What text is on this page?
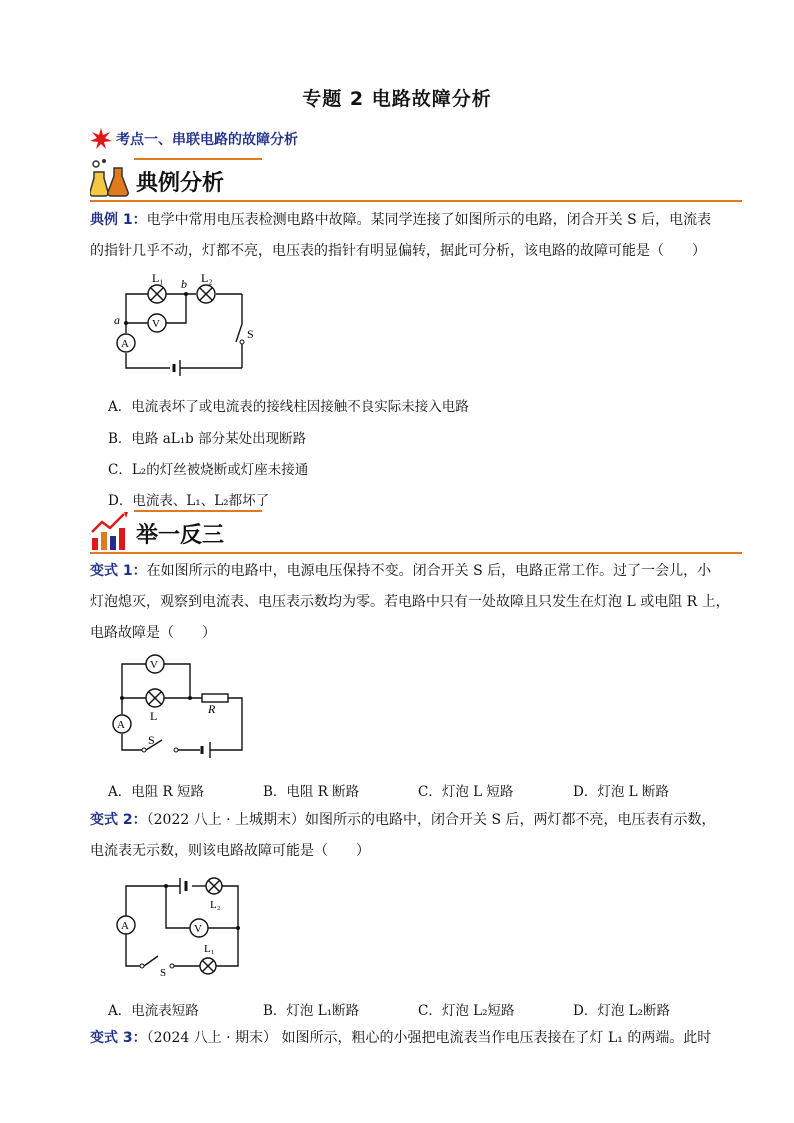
专题 2 电路故障分析
考点一、串联电路的故障分析
典例分析
典例 1：电学中常用电压表检测电路中故障。某同学连接了如图所示的电路，闭合开关 S 后，电流表
的指针几乎不动，灯都不亮，电压表的指针有明显偏转，据此可分析，该电路的故障可能是（　　）
L₁	L₂
a
b
V
A
S
A．电流表坏了或电流表的接线柱因接触不良实际未接入电路
B．电路 aL₁b 部分某处出现断路
C．L₂的灯丝被烧断或灯座未接通
D．电流表、L₁、L₂都坏了
举一反三
变式 1：在如图所示的电路中，电源电压保持不变。闭合开关 S 后，电路正常工作。过了一会儿，小
灯泡熄灭，观察到电流表、电压表示数均为零。若电路中只有一处故障且只发生在灯泡 L 或电阻 R 上，
电路故障是（　　）
V
L	R
A
S
A．电阻 R 短路	B．电阻 R 断路	C．灯泡 L 短路	D．灯泡 L 断路
变式 2：（2022 八上 · 上城期末）如图所示的电路中，闭合开关 S 后，两灯都不亮，电压表有示数，
电流表无示数，则该电路故障可能是（　　）
L₂
L₁
A	V
S
A．电流表短路	B．灯泡 L₁断路	C．灯泡 L₂短路	D．灯泡 L₂断路
变式 3：（2024 八上 · 期末） 如图所示，粗心的小强把电流表当作电压表接在了灯 L₁ 的两端。此时
